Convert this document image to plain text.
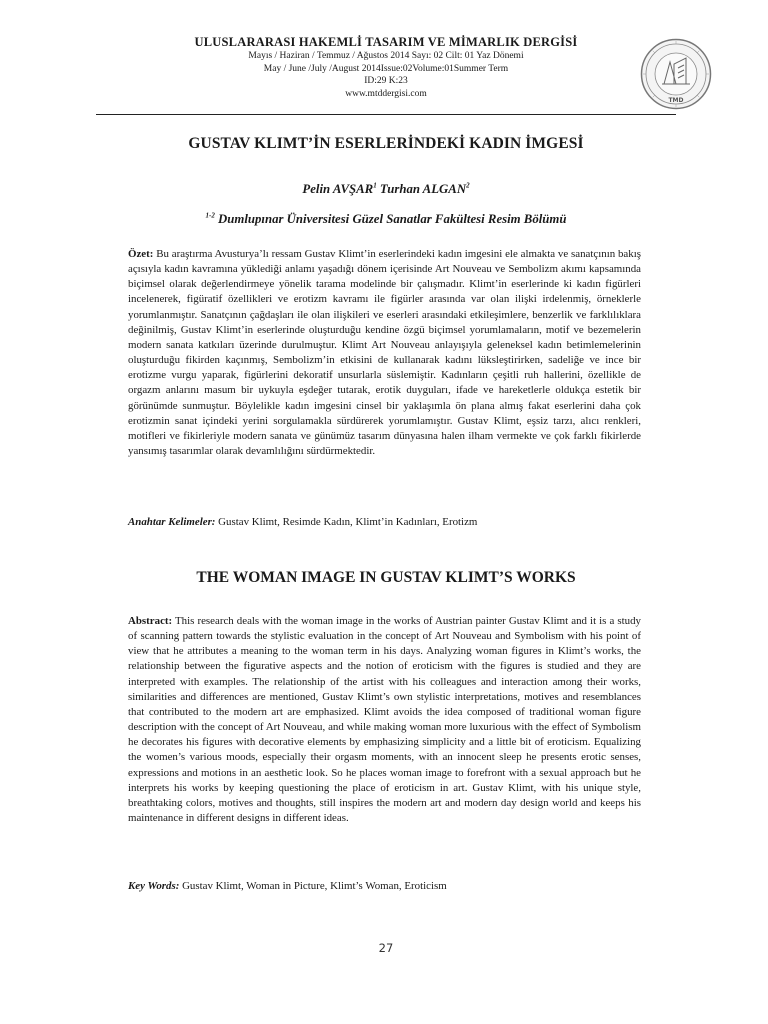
ULUSLARARASI HAKEMLİ TASARIM VE MİMARLIK DERGİSİ
Mayıs / Haziran / Temmuz / Ağustos 2014 Sayı: 02 Cilt: 01 Yaz Dönemi
May / June /July /August 2014Issue:02Volume:01Summer Term
ID:29 K:23
www.mtddergisi.com
TMD
GUSTAV KLIMT’İN ESERLERİNDEKİ KADIN İMGESİ
Pelin AVŞAR$^1$ Turhan ALGAN$^2$
$^{1-2}$ Dumlupınar Üniversitesi Güzel Sanatlar Fakültesi Resim Bölümü

Özet: Bu araştırma Avusturya’lı ressam Gustav Klimt’in eserlerindeki kadın imgesini ele almakta ve sanatçının bakış açısıyla kadın kavramına yüklediği anlamı yaşadığı dönem içerisinde Art Nouveau ve Sembolizm akımı kapsamında biçimsel olarak değerlendirmeye yönelik tarama modelinde bir çalışmadır. Klimt’in eserlerinde ki kadın figürleri incelenerek, figüratif özellikleri ve erotizm kavramı ile figürler arasında var olan ilişki irdelenmiş, örneklerle yorumlanmıştır. Sanatçının çağdaşları ile olan ilişkileri ve eserleri arasındaki etkileşimlere, benzerlik ve farklılıklara değinilmiş, Gustav Klimt’in eserlerinde oluşturduğu kendine özgü biçimsel yorumlamaların, motif ve bezemelerin modern sanata katkıları üzerinde durulmuştur. Klimt Art Nouveau anlayışıyla geleneksel kadın betimlemelerinin oluşturduğu fikirden kaçınmış, Sembolizm’in etkisini de kullanarak kadını lüksleştirirken, sadeliğe ve ince bir erotizme vurgu yaparak, figürlerini dekoratif unsurlarla süslemiştir. Kadınların çeşitli ruh hallerini, özellikle de orgazm anlarını masum bir uykuyla eşdeğer tutarak, erotik duyguları, ifade ve hareketlerle oldukça estetik bir görünümde sunmuştur. Böylelikle kadın imgesini cinsel bir yaklaşımla ön plana almış fakat eserlerini daha çok erotizmin sanat içindeki yerini sorgulamakla sürdürerek yorumlamıştır. Gustav Klimt, eşsiz tarzı, alıcı renkleri, motifleri ve fikirleriyle modern sanata ve günümüz tasarım dünyasına halen ilham vermekte ve çok farklı fikirlerde yansımış tasarımlar olarak devamlılığını sürdürmektedir.

Anahtar Kelimeler: Gustav Klimt, Resimde Kadın, Klimt’in Kadınları, Erotizm
THE WOMAN IMAGE IN GUSTAV KLIMT’S WORKS

Abstract: This research deals with the woman image in the works of Austrian painter Gustav Klimt and it is a study of scanning pattern towards the stylistic evaluation in the concept of Art Nouveau and Symbolism with his point of view that he attributes a meaning to the woman term in his days. Analyzing woman figures in Klimt’s works, the relationship between the figurative aspects and the notion of eroticism with the figures is studied and they are interpreted with examples. The relationship of the artist with his colleagues and interaction among their works, similarities and differences are mentioned, Gustav Klimt’s own stylistic interpretations, motives and resemblances that contributed to the modern art are emphasized. Klimt avoids the idea composed of traditional woman figure description with the concept of Art Nouveau, and while making woman more luxurious with the effect of Symbolism he decorates his figures with decorative elements by emphasizing simplicity and a little bit of eroticism. Equalizing the women’s various moods, especially their orgasm moments, with an innocent sleep he presents erotic senses, expressions and motions in an aesthetic look. So he places woman image to forefront with a sexual approach but he interprets his works by keeping questioning the place of eroticism in art. Gustav Klimt, with his unique style, breathtaking colors, motives and thoughts, still inspires the modern art and modern day design world and keeps his maintenance in different designs in different ideas.

Key Words: Gustav Klimt, Woman in Picture, Klimt’s Woman, Eroticism
27
